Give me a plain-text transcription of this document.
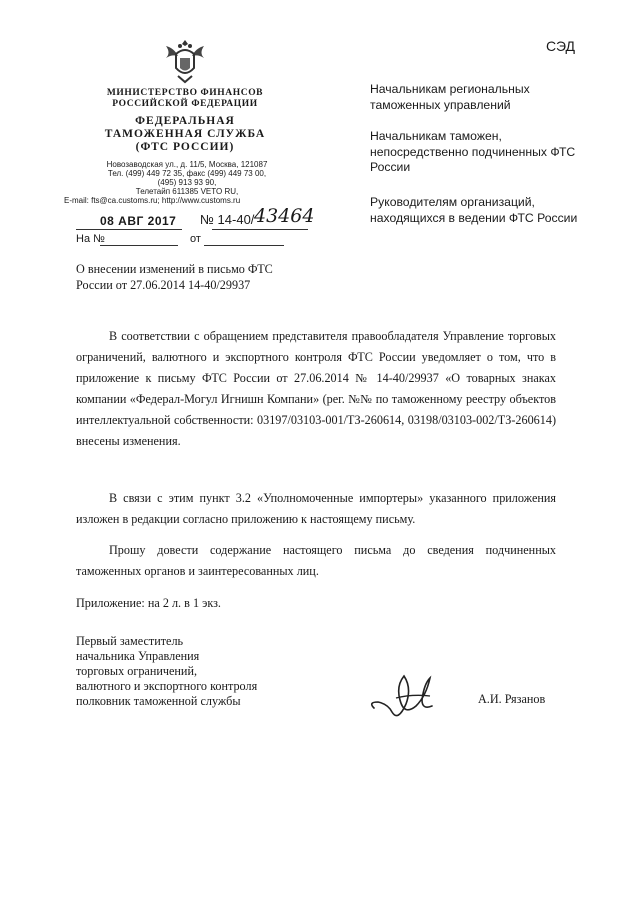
МИНИСТЕРСТВО ФИНАНСОВ
РОССИЙСКОЙ ФЕДЕРАЦИИ
ФЕДЕРАЛЬНАЯ
ТАМОЖЕННАЯ СЛУЖБА
(ФТС РОССИИ)
Новозаводская ул., д. 11/5, Москва, 121087
Тел. (499) 449 72 35, факс (499) 449 73 00,
(495) 913 93 90,
Телетайп 611385 VETO RU,
E-mail: fts@ca.customs.ru; http://www.customs.ru
СЭД
Начальникам региональных таможенных управлений
Начальникам таможен, непосредственно подчиненных ФТС России
Руководителям организаций, находящихся в ведении ФТС России
08 АВГ 2017 № 14-40/ 43464
На №	от
О внесении изменений в письмо ФТС России от 27.06.2014 14-40/29937
В соответствии с обращением представителя правообладателя Управление торговых ограничений, валютного и экспортного контроля ФТС России уведомляет о том, что в приложение к письму ФТС России от 27.06.2014 № 14-40/29937 «О товарных знаках компании «Федерал-Могул Игнишн Компани» (рег. №№ по таможенному реестру объектов интеллектуальной собственности: 03197/03103-001/ТЗ-260614, 03198/03103-002/ТЗ-260614) внесены изменения.
В связи с этим пункт 3.2 «Уполномоченные импортеры» указанного приложения изложен в редакции согласно приложению к настоящему письму.
Прошу довести содержание настоящего письма до сведения подчиненных таможенных органов и заинтересованных лиц.
Приложение: на 2 л. в 1 экз.
Первый заместитель
начальника Управления
торговых ограничений,
валютного и экспортного контроля
полковник таможенной службы	А.И. Рязанов
